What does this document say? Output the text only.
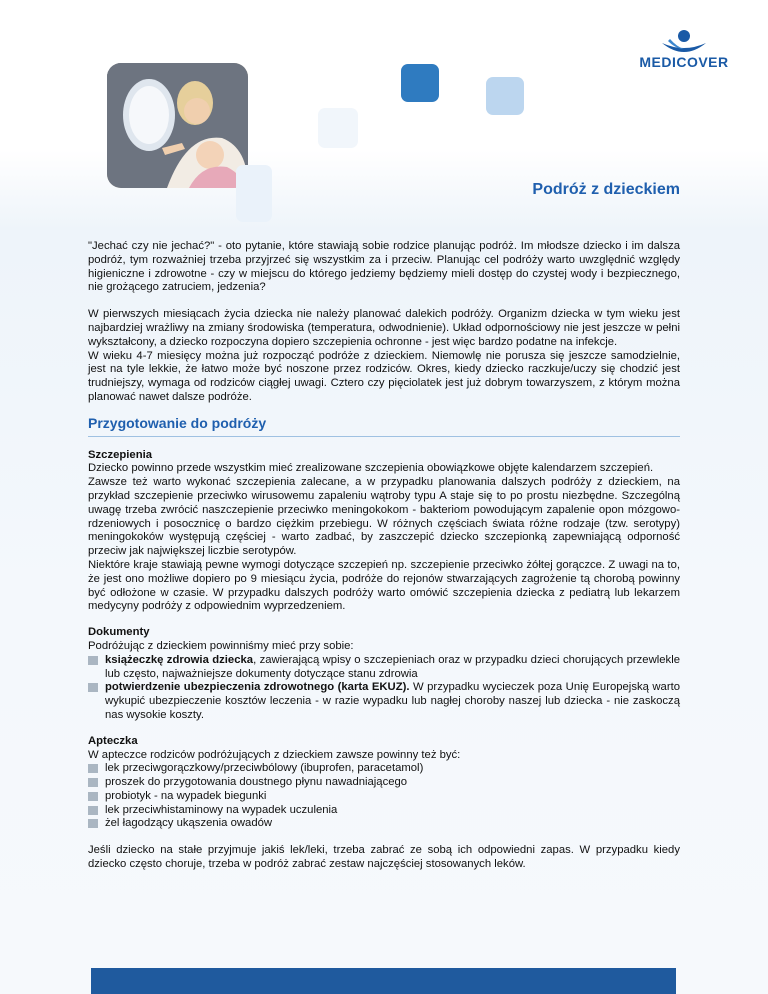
MEDICOVER
Podróż z dzieckiem

"Jechać czy nie jechać?" - oto pytanie, które stawiają sobie rodzice planując podróż. Im młodsze dziecko i im dalsza podróż, tym rozważniej trzeba przyjrzeć się wszystkim za i przeciw. Planując cel podróży warto uwzględnić względy higieniczne i zdrowotne - czy w miejscu do którego jedziemy będziemy mieli dostęp do czystej wody i bezpiecznego, nie grożącego zatruciem, jedzenia?

W pierwszych miesiącach życia dziecka nie należy planować dalekich podróży. Organizm dziecka w tym wieku jest najbardziej wrażliwy na zmiany środowiska (temperatura, odwodnienie). Układ odpornościowy nie jest jeszcze w pełni wykształcony, a dziecko rozpoczyna dopiero szczepienia ochronne - jest więc bardzo podatne na infekcje.

W wieku 4-7 miesięcy można już rozpocząć podróże z dzieckiem. Niemowlę nie porusza się jeszcze samodzielnie, jest na tyle lekkie, że łatwo może być noszone przez rodziców. Okres, kiedy dziecko raczkuje/uczy się chodzić jest trudniejszy, wymaga od rodziców ciągłej uwagi. Cztero czy pięciolatek jest już dobrym towarzyszem, z którym można planować nawet dalsze podróże.

Przygotowanie do podróży
Szczepienia

Dziecko powinno przede wszystkim mieć zrealizowane szczepienia obowiązkowe objęte kalendarzem szczepień.

Zawsze też warto wykonać szczepienia zalecane, a w przypadku planowania dalszych podróży z dzieckiem, na przykład szczepienie przeciwko wirusowemu zapaleniu wątroby typu A staje się to po prostu niezbędne. Szczególną uwagę trzeba zwrócić naszczepienie przeciwko meningokokom - bakteriom powodującym zapalenie opon mózgowo-rdzeniowych i posocznicę o bardzo ciężkim przebiegu. W różnych częściach świata różne rodzaje (tzw. serotypy) meningokoków występują częściej - warto zadbać, by zaszczepić dziecko szczepionką zapewniającą odporność przeciw jak największej liczbie serotypów.

Niektóre kraje stawiają pewne wymogi dotyczące szczepień np. szczepienie przeciwko żółtej gorączce. Z uwagi na to, że jest ono możliwe dopiero po 9 miesiącu życia, podróże do rejonów stwarzających zagrożenie tą chorobą powinny być odłożone w czasie. W przypadku dalszych podróży warto omówić szczepienia dziecka z pediatrą lub lekarzem medycyny podróży z odpowiednim wyprzedzeniem.

Dokumenty

Podróżując z dzieckiem powinniśmy mieć przy sobie:

książeczkę zdrowia dziecka, zawierającą wpisy o szczepieniach oraz w przypadku dzieci chorujących przewlekle lub często, najważniejsze dokumenty dotyczące stanu zdrowia
potwierdzenie ubezpieczenia zdrowotnego (karta EKUZ). W przypadku wycieczek poza Unię Europejską warto wykupić ubezpieczenie kosztów leczenia - w razie wypadku lub nagłej choroby naszej lub dziecka - nie zaskoczą nas wysokie koszty.
Apteczka

W apteczce rodziców podróżujących z dzieckiem zawsze powinny też być:

lek przeciwgorączkowy/przeciwbólowy (ibuprofen, paracetamol)
proszek do przygotowania doustnego płynu nawadniającego
probiotyk - na wypadek biegunki
lek przeciwhistaminowy na wypadek uczulenia
żel łagodzący ukąszenia owadów

Jeśli dziecko na stałe przyjmuje jakiś lek/leki, trzeba zabrać ze sobą ich odpowiedni zapas. W przypadku kiedy dziecko często choruje, trzeba w podróż zabrać zestaw najczęściej stosowanych leków.
